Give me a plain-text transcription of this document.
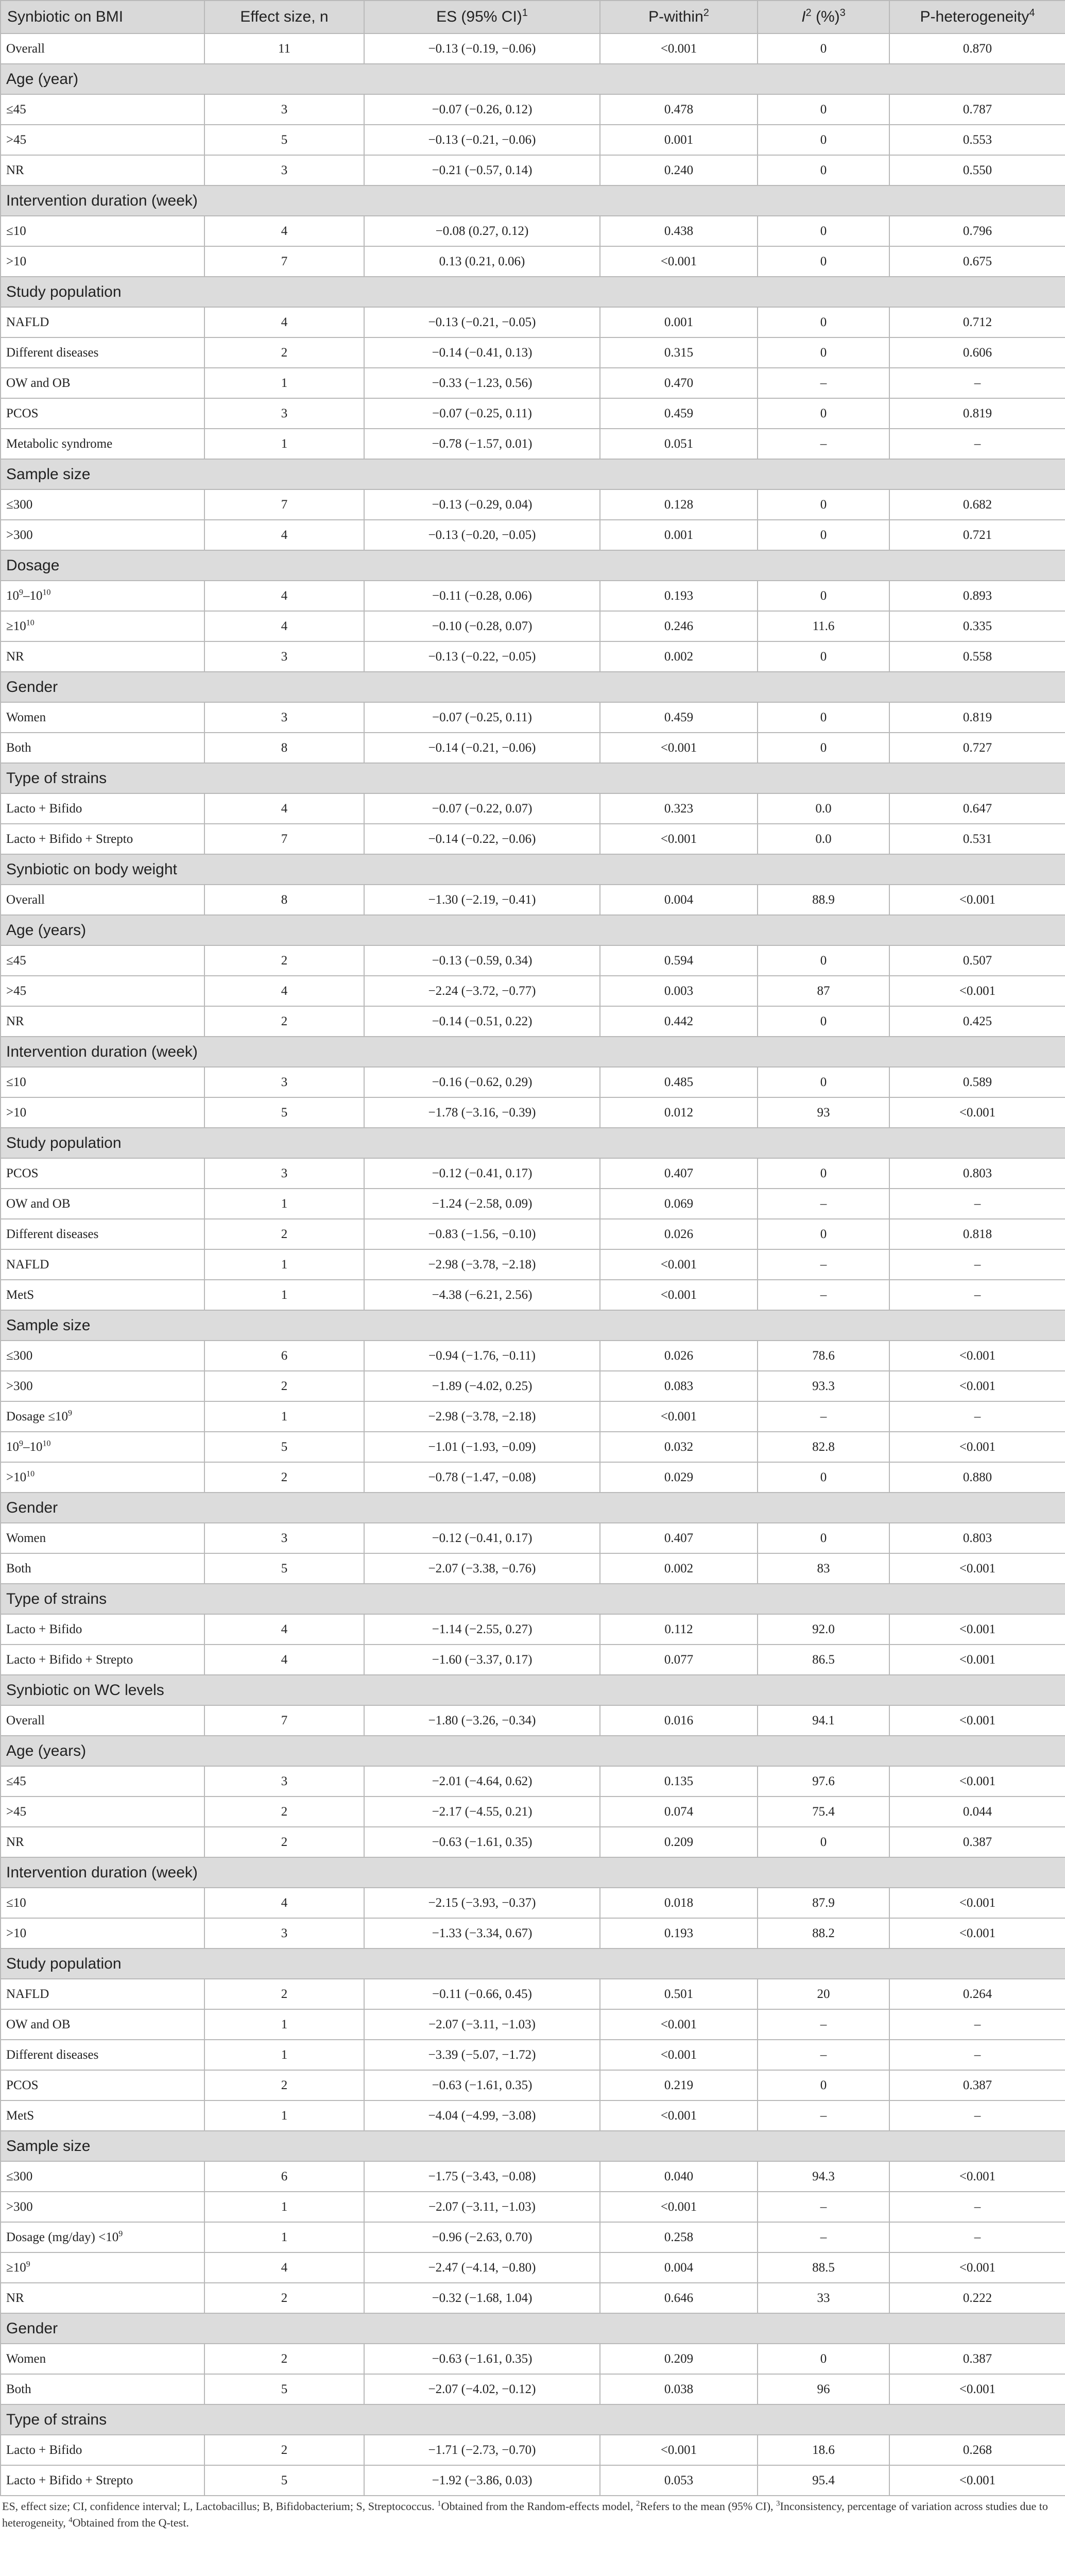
Synbiotic on BMI	Effect size, n	ES (95% CI)$^1$	P-within$^2$	$I^2$ (%)$^3$	P-heterogeneity$^4$
Overall	11	−0.13 (−0.19, −0.06)	<0.001	0	0.870
Age (year)					
≤45	3	−0.07 (−0.26, 0.12)	0.478	0	0.787
>45	5	−0.13 (−0.21, −0.06)	0.001	0	0.553
NR	3	−0.21 (−0.57, 0.14)	0.240	0	0.550
Intervention duration (week)					
≤10	4	−0.08 (0.27, 0.12)	0.438	0	0.796
>10	7	0.13 (0.21, 0.06)	<0.001	0	0.675
Study population					
NAFLD	4	−0.13 (−0.21, −0.05)	0.001	0	0.712
Different diseases	2	−0.14 (−0.41, 0.13)	0.315	0	0.606
OW and OB	1	−0.33 (−1.23, 0.56)	0.470	–	–
PCOS	3	−0.07 (−0.25, 0.11)	0.459	0	0.819
Metabolic syndrome	1	−0.78 (−1.57, 0.01)	0.051	–	–
Sample size					
≤300	7	−0.13 (−0.29, 0.04)	0.128	0	0.682
>300	4	−0.13 (−0.20, −0.05)	0.001	0	0.721
Dosage					
$10^9-10^{10}$	4	−0.11 (−0.28, 0.06)	0.193	0	0.893
$\ge 10^{10}$	4	−0.10 (−0.28, 0.07)	0.246	11.6	0.335
NR	3	−0.13 (−0.22, −0.05)	0.002	0	0.558
Gender					
Women	3	−0.07 (−0.25, 0.11)	0.459	0	0.819
Both	8	−0.14 (−0.21, −0.06)	<0.001	0	0.727
Type of strains					
Lacto + Bifido	4	−0.07 (−0.22, 0.07)	0.323	0.0	0.647
Lacto + Bifido + Strepto	7	−0.14 (−0.22, −0.06)	<0.001	0.0	0.531
Synbiotic on body weight					
Overall	8	−1.30 (−2.19, −0.41)	0.004	88.9	<0.001
Age (years)					
≤45	2	−0.13 (−0.59, 0.34)	0.594	0	0.507
>45	4	−2.24 (−3.72, −0.77)	0.003	87	<0.001
NR	2	−0.14 (−0.51, 0.22)	0.442	0	0.425
Intervention duration (week)					
≤10	3	−0.16 (−0.62, 0.29)	0.485	0	0.589
>10	5	−1.78 (−3.16, −0.39)	0.012	93	<0.001
Study population					
PCOS	3	−0.12 (−0.41, 0.17)	0.407	0	0.803
OW and OB	1	−1.24 (−2.58, 0.09)	0.069	–	–
Different diseases	2	−0.83 (−1.56, −0.10)	0.026	0	0.818
NAFLD	1	−2.98 (−3.78, −2.18)	<0.001	–	–
MetS	1	−4.38 (−6.21, 2.56)	<0.001	–	–
Sample size					
≤300	6	−0.94 (−1.76, −0.11)	0.026	78.6	<0.001
>300	2	−1.89 (−4.02, 0.25)	0.083	93.3	<0.001
Dosage $\le 10^9$	1	−2.98 (−3.78, −2.18)	<0.001	–	–
$10^9-10^{10}$	5	−1.01 (−1.93, −0.09)	0.032	82.8	<0.001
$>10^{10}$	2	−0.78 (−1.47, −0.08)	0.029	0	0.880
Gender					
Women	3	−0.12 (−0.41, 0.17)	0.407	0	0.803
Both	5	−2.07 (−3.38, −0.76)	0.002	83	<0.001
Type of strains					
Lacto + Bifido	4	−1.14 (−2.55, 0.27)	0.112	92.0	<0.001
Lacto + Bifido + Strepto	4	−1.60 (−3.37, 0.17)	0.077	86.5	<0.001
Synbiotic on WC levels					
Overall	7	−1.80 (−3.26, −0.34)	0.016	94.1	<0.001
Age (years)					
≤45	3	−2.01 (−4.64, 0.62)	0.135	97.6	<0.001
>45	2	−2.17 (−4.55, 0.21)	0.074	75.4	0.044
NR	2	−0.63 (−1.61, 0.35)	0.209	0	0.387
Intervention duration (week)					
≤10	4	−2.15 (−3.93, −0.37)	0.018	87.9	<0.001
>10	3	−1.33 (−3.34, 0.67)	0.193	88.2	<0.001
Study population					
NAFLD	2	−0.11 (−0.66, 0.45)	0.501	20	0.264
OW and OB	1	−2.07 (−3.11, −1.03)	<0.001	–	–
Different diseases	1	−3.39 (−5.07, −1.72)	<0.001	–	–
PCOS	2	−0.63 (−1.61, 0.35)	0.219	0	0.387
MetS	1	−4.04 (−4.99, −3.08)	<0.001	–	–
Sample size					
≤300	6	−1.75 (−3.43, −0.08)	0.040	94.3	<0.001
>300	1	−2.07 (−3.11, −1.03)	<0.001	–	–
Dosage $(mg/day) <10^9$	1	−0.96 (−2.63, 0.70)	0.258	–	–
$\ge 10^9$	4	−2.47 (−4.14, −0.80)	0.004	88.5	<0.001
NR	2	−0.32 (−1.68, 1.04)	0.646	33	0.222
Gender					
Women	2	−0.63 (−1.61, 0.35)	0.209	0	0.387
Both	5	−2.07 (−4.02, −0.12)	0.038	96	<0.001
Type of strains					
Lacto + Bifido	2	−1.71 (−2.73, −0.70)	<0.001	18.6	0.268
Lacto + Bifido + Strepto	5	−1.92 (−3.86, 0.03)	0.053	95.4	<0.001
ES, effect size; CI, confidence interval; L, Lactobacillus; B, Bifidobacterium; S, Streptococcus. $^1$Obtained from the Random-effects model, $^2$Refers to the mean (95% CI), $^3$Inconsistency, percentage of variation across studies due to heterogeneity, $^4$Obtained from the Q-test.
